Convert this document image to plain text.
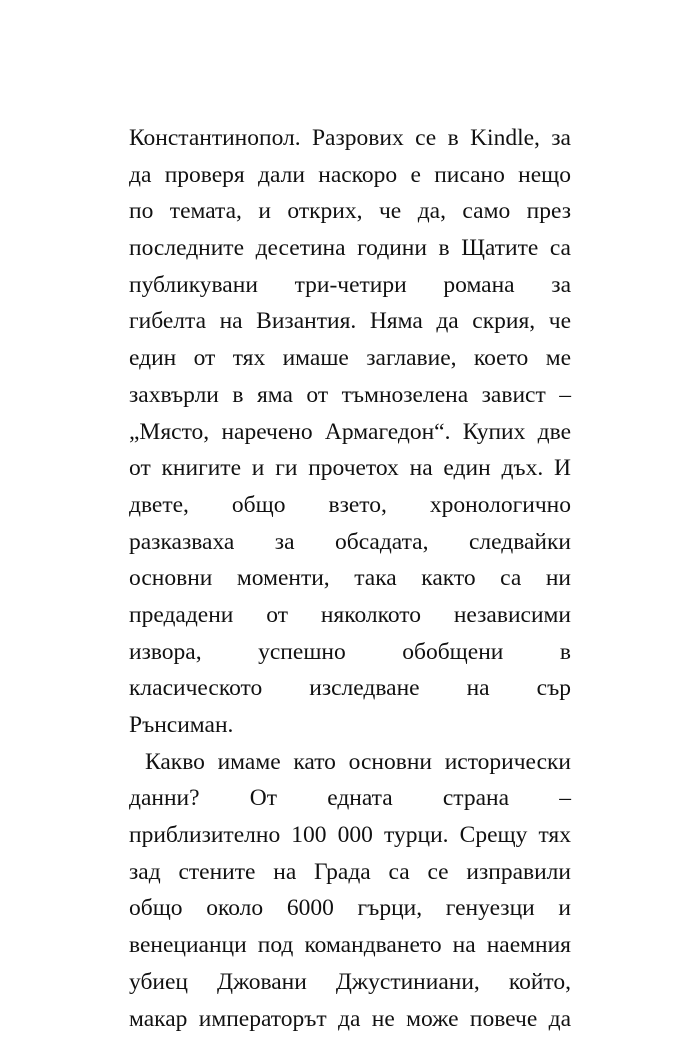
Константинопол. Разрових се в Kindle, за
да проверя дали наскоро е писано нещо
по темата, и открих, че да, само през
последните десетина години в Щатите са
публикувани три-четири романа за
гибелта на Византия. Няма да скрия, че
един от тях имаше заглавие, което ме
захвърли в яма от тъмнозелена завист –
„Място, наречено Армагедон“. Купих две
от книгите и ги прочетох на един дъх. И
двете, общо взето, хронологично
разказваха за обсадата, следвайки
основни моменти, така както са ни
предадени от няколкото независими
извора, успешно обобщени в
класическото изследване на сър
Рънсиман.
Какво имаме като основни исторически
данни? От едната страна –
приблизително 100 000 турци. Срещу тях
зад стените на Града са се изправили
общо около 6000 гърци, генуезци и
венецианци под командването на наемния
убиец Джовани Джустиниани, който,
макар императорът да не може повече да
